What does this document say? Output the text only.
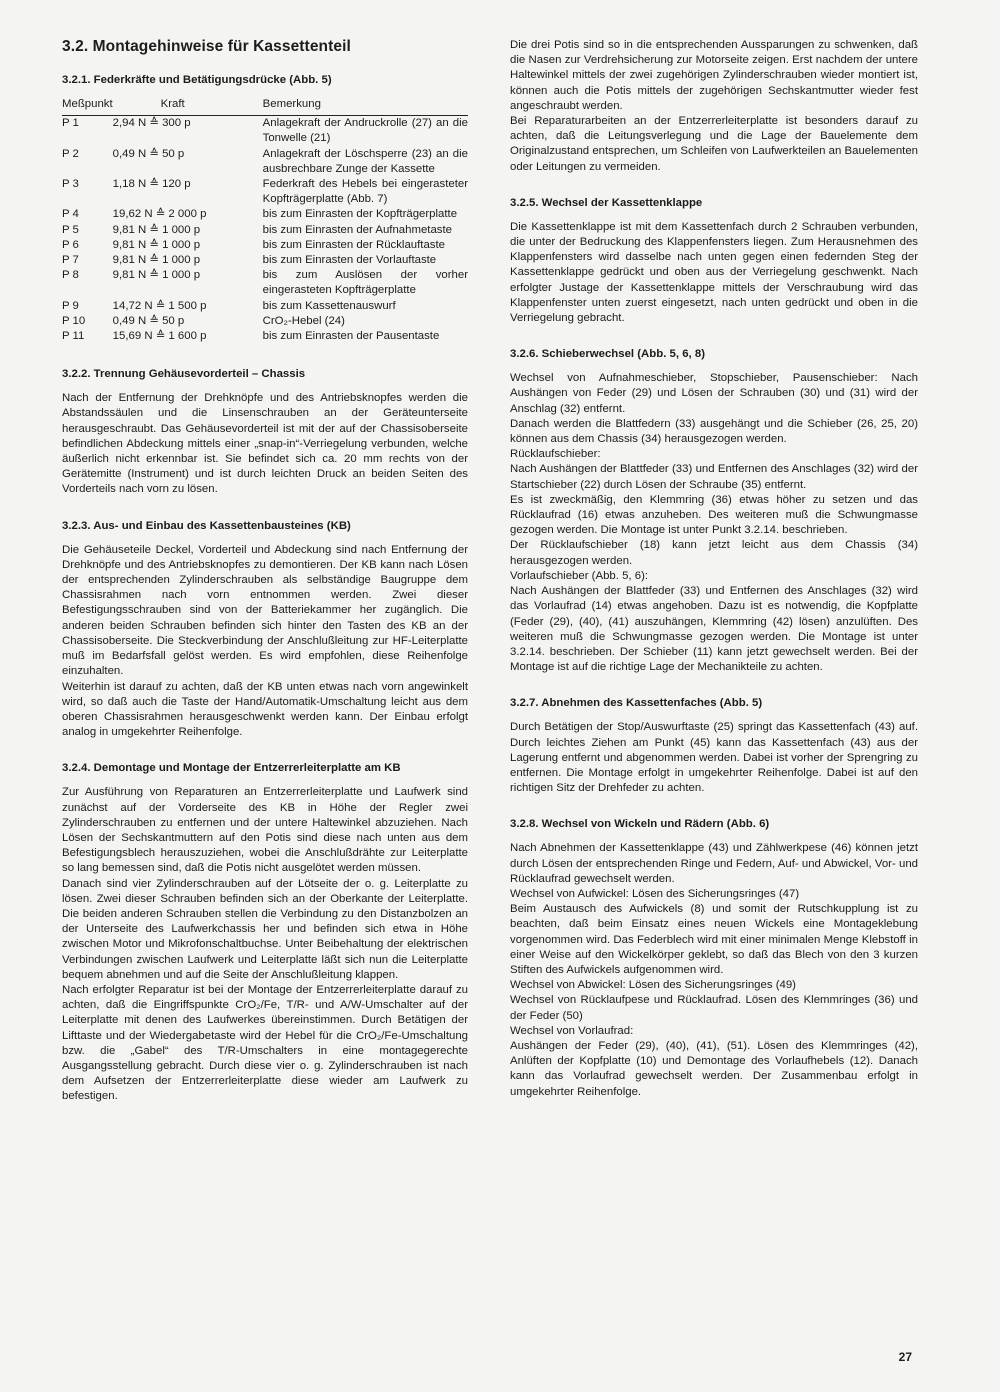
3.2. Montagehinweise für Kassettenteil
3.2.1. Federkräfte und Betätigungsdrücke (Abb. 5)
Meßpunkt	Kraft	Bemerkung
P 1	2,94 N ≙ 300 p	Anlagekraft der Andruckrolle (27) an die Tonwelle (21)
P 2	0,49 N ≙ 50 p	Anlagekraft der Löschsperre (23) an die ausbrechbare Zunge der Kassette
P 3	1,18 N ≙ 120 p	Federkraft des Hebels bei eingerasteter Kopfträgerplatte (Abb. 7)
P 4	19,62 N ≙ 2 000 p	bis zum Einrasten der Kopfträgerplatte
P 5	9,81 N ≙ 1 000 p	bis zum Einrasten der Aufnahmetaste
P 6	9,81 N ≙ 1 000 p	bis zum Einrasten der Rücklauftaste
P 7	9,81 N ≙ 1 000 p	bis zum Einrasten der Vorlauftaste
P 8	9,81 N ≙ 1 000 p	bis zum Auslösen der vorher eingerasteten Kopfträgerplatte
P 9	14,72 N ≙ 1 500 p	bis zum Kassettenauswurf
P 10	0,49 N ≙ 50 p	CrO₂-Hebel (24)
P 11	15,69 N ≙ 1 600 p	bis zum Einrasten der Pausentaste
3.2.2. Trennung Gehäusevorderteil – Chassis

Nach der Entfernung der Drehknöpfe und des Antriebsknopfes werden die Abstandssäulen und die Linsenschrauben an der Geräteunterseite herausgeschraubt. Das Gehäusevorderteil ist mit der auf der Chassisoberseite befindlichen Abdeckung mittels einer „snap-in“-Verriegelung verbunden, welche äußerlich nicht erkennbar ist. Sie befindet sich ca. 20 mm rechts von der Gerätemitte (Instrument) und ist durch leichten Druck an beiden Seiten des Vorderteils nach vorn zu lösen.

3.2.3. Aus- und Einbau des Kassettenbausteines (KB)

Die Gehäuseteile Deckel, Vorderteil und Abdeckung sind nach Entfernung der Drehknöpfe und des Antriebsknopfes zu demontieren. Der KB kann nach Lösen der entsprechenden Zylinderschrauben als selbständige Baugruppe dem Chassisrahmen nach vorn entnommen werden. Zwei dieser Befestigungsschrauben sind von der Batteriekammer her zugänglich. Die anderen beiden Schrauben befinden sich hinter den Tasten des KB an der Chassisoberseite. Die Steckverbindung der Anschlußleitung zur HF-Leiterplatte muß im Bedarfsfall gelöst werden. Es wird empfohlen, diese Reihenfolge einzuhalten.

Weiterhin ist darauf zu achten, daß der KB unten etwas nach vorn angewinkelt wird, so daß auch die Taste der Hand/Automatik-Umschaltung leicht aus dem oberen Chassisrahmen herausgeschwenkt werden kann. Der Einbau erfolgt analog in umgekehrter Reihenfolge.

3.2.4. Demontage und Montage der Entzerrerleiterplatte am KB

Zur Ausführung von Reparaturen an Entzerrerleiterplatte und Laufwerk sind zunächst auf der Vorderseite des KB in Höhe der Regler zwei Zylinderschrauben zu entfernen und der untere Haltewinkel abzuziehen. Nach Lösen der Sechskantmuttern auf den Potis sind diese nach unten aus dem Befestigungsblech herauszuziehen, wobei die Anschlußdrähte zur Leiterplatte so lang bemessen sind, daß die Potis nicht ausgelötet werden müssen.

Danach sind vier Zylinderschrauben auf der Lötseite der o. g. Leiterplatte zu lösen. Zwei dieser Schrauben befinden sich an der Oberkante der Leiterplatte. Die beiden anderen Schrauben stellen die Verbindung zu den Distanzbolzen an der Unterseite des Laufwerkchassis her und befinden sich etwa in Höhe zwischen Motor und Mikrofonschaltbuchse. Unter Beibehaltung der elektrischen Verbindungen zwischen Laufwerk und Leiterplatte läßt sich nun die Leiterplatte bequem abnehmen und auf die Seite der Anschlußleitung klappen.

Nach erfolgter Reparatur ist bei der Montage der Entzerrerleiterplatte darauf zu achten, daß die Eingriffspunkte CrO₂/Fe, T/R- und A/W-Umschalter auf der Leiterplatte mit denen des Laufwerkes übereinstimmen. Durch Betätigen der Lifttaste und der Wiedergabetaste wird der Hebel für die CrO₂/Fe-Umschaltung bzw. die „Gabel“ des T/R-Umschalters in eine montagegerechte Ausgangsstellung gebracht. Durch diese vier o. g. Zylinderschrauben ist nach dem Aufsetzen der Entzerrerleiterplatte diese wieder am Laufwerk zu befestigen.

Die drei Potis sind so in die entsprechenden Aussparungen zu schwenken, daß die Nasen zur Verdrehsicherung zur Motorseite zeigen. Erst nachdem der untere Haltewinkel mittels der zwei zugehörigen Zylinderschrauben wieder montiert ist, können auch die Potis mittels der zugehörigen Sechskantmutter wieder fest angeschraubt werden.

Bei Reparaturarbeiten an der Entzerrerleiterplatte ist besonders darauf zu achten, daß die Leitungsverlegung und die Lage der Bauelemente dem Originalzustand entsprechen, um Schleifen von Laufwerkteilen an Bauelementen oder Leitungen zu vermeiden.

3.2.5. Wechsel der Kassettenklappe

Die Kassettenklappe ist mit dem Kassettenfach durch 2 Schrauben verbunden, die unter der Bedruckung des Klappenfensters liegen. Zum Herausnehmen des Klappenfensters wird dasselbe nach unten gegen einen federnden Steg der Kassettenklappe gedrückt und oben aus der Verriegelung geschwenkt. Nach erfolgter Justage der Kassettenklappe mittels der Verschraubung wird das Klappenfenster unten zuerst eingesetzt, nach unten gedrückt und oben in die Verriegelung gebracht.

3.2.6. Schieberwechsel (Abb. 5, 6, 8)

Wechsel von Aufnahmeschieber, Stopschieber, Pausenschieber: Nach Aushängen von Feder (29) und Lösen der Schrauben (30) und (31) wird der Anschlag (32) entfernt.

Danach werden die Blattfedern (33) ausgehängt und die Schieber (26, 25, 20) können aus dem Chassis (34) herausgezogen werden.

Rücklaufschieber:

Nach Aushängen der Blattfeder (33) und Entfernen des Anschlages (32) wird der Startschieber (22) durch Lösen der Schraube (35) entfernt.

Es ist zweckmäßig, den Klemmring (36) etwas höher zu setzen und das Rücklaufrad (16) etwas anzuheben. Des weiteren muß die Schwungmasse gezogen werden. Die Montage ist unter Punkt 3.2.14. beschrieben.

Der Rücklaufschieber (18) kann jetzt leicht aus dem Chassis (34) herausgezogen werden.

Vorlaufschieber (Abb. 5, 6):

Nach Aushängen der Blattfeder (33) und Entfernen des Anschlages (32) wird das Vorlaufrad (14) etwas angehoben. Dazu ist es notwendig, die Kopfplatte (Feder (29), (40), (41) auszuhängen, Klemmring (42) lösen) anzulüften. Des weiteren muß die Schwungmasse gezogen werden. Die Montage ist unter 3.2.14. beschrieben. Der Schieber (11) kann jetzt gewechselt werden. Bei der Montage ist auf die richtige Lage der Mechanikteile zu achten.

3.2.7. Abnehmen des Kassettenfaches (Abb. 5)

Durch Betätigen der Stop/Auswurftaste (25) springt das Kassettenfach (43) auf. Durch leichtes Ziehen am Punkt (45) kann das Kassettenfach (43) aus der Lagerung entfernt und abgenommen werden. Dabei ist vorher der Sprengring zu entfernen. Die Montage erfolgt in umgekehrter Reihenfolge. Dabei ist auf den richtigen Sitz der Drehfeder zu achten.

3.2.8. Wechsel von Wickeln und Rädern (Abb. 6)

Nach Abnehmen der Kassettenklappe (43) und Zählwerkpese (46) können jetzt durch Lösen der entsprechenden Ringe und Federn, Auf- und Abwickel, Vor- und Rücklaufrad gewechselt werden.

Wechsel von Aufwickel: Lösen des Sicherungsringes (47)

Beim Austausch des Aufwickels (8) und somit der Rutschkupplung ist zu beachten, daß beim Einsatz eines neuen Wickels eine Montageklebung vorgenommen wird. Das Federblech wird mit einer minimalen Menge Klebstoff in einer Weise auf den Wickelkörper geklebt, so daß das Blech von den 3 kurzen Stiften des Aufwickels aufgenommen wird.

Wechsel von Abwickel: Lösen des Sicherungsringes (49)

Wechsel von Rücklaufpese und Rücklaufrad. Lösen des Klemmringes (36) und der Feder (50)

Wechsel von Vorlaufrad:

Aushängen der Feder (29), (40), (41), (51). Lösen des Klemmringes (42), Anlüften der Kopfplatte (10) und Demontage des Vorlaufhebels (12). Danach kann das Vorlaufrad gewechselt werden. Der Zusammenbau erfolgt in umgekehrter Reihenfolge.

27
